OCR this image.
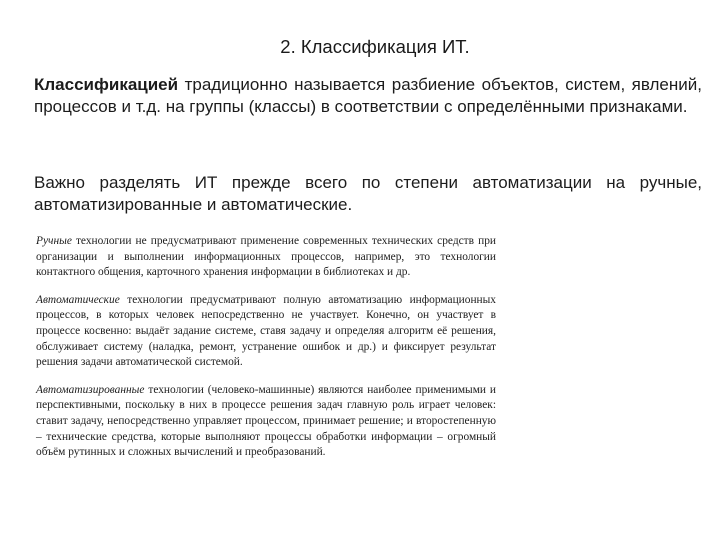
2. Классификация ИТ.

Классификацией традиционно называется разбиение объектов, систем, явлений, процессов и т.д. на группы (классы) в соответствии с определёнными признаками.

Важно разделять ИТ прежде всего по степени автоматизации на ручные, автоматизированные и автоматические.

Ручные технологии не предусматривают применение современных технических средств при организации и выполнении информационных процессов, например, это технологии контактного общения, карточного хранения информации в библиотеках и др.

Автоматические технологии предусматривают полную автоматизацию информационных процессов, в которых человек непосредственно не участвует. Конечно, он участвует в процессе косвенно: выдаёт задание системе, ставя задачу и определяя алгоритм её решения, обслуживает систему (наладка, ремонт, устранение ошибок и др.) и фиксирует результат решения задачи автоматической системой.

Автоматизированные технологии (человеко-машинные) являются наиболее применимыми и перспективными, поскольку в них в процессе решения задач главную роль играет человек: ставит задачу, непосредственно управляет процессом, принимает решение; и второстепенную – технические средства, которые выполняют процессы обработки информации – огромный объём рутинных и сложных вычислений и преобразований.
